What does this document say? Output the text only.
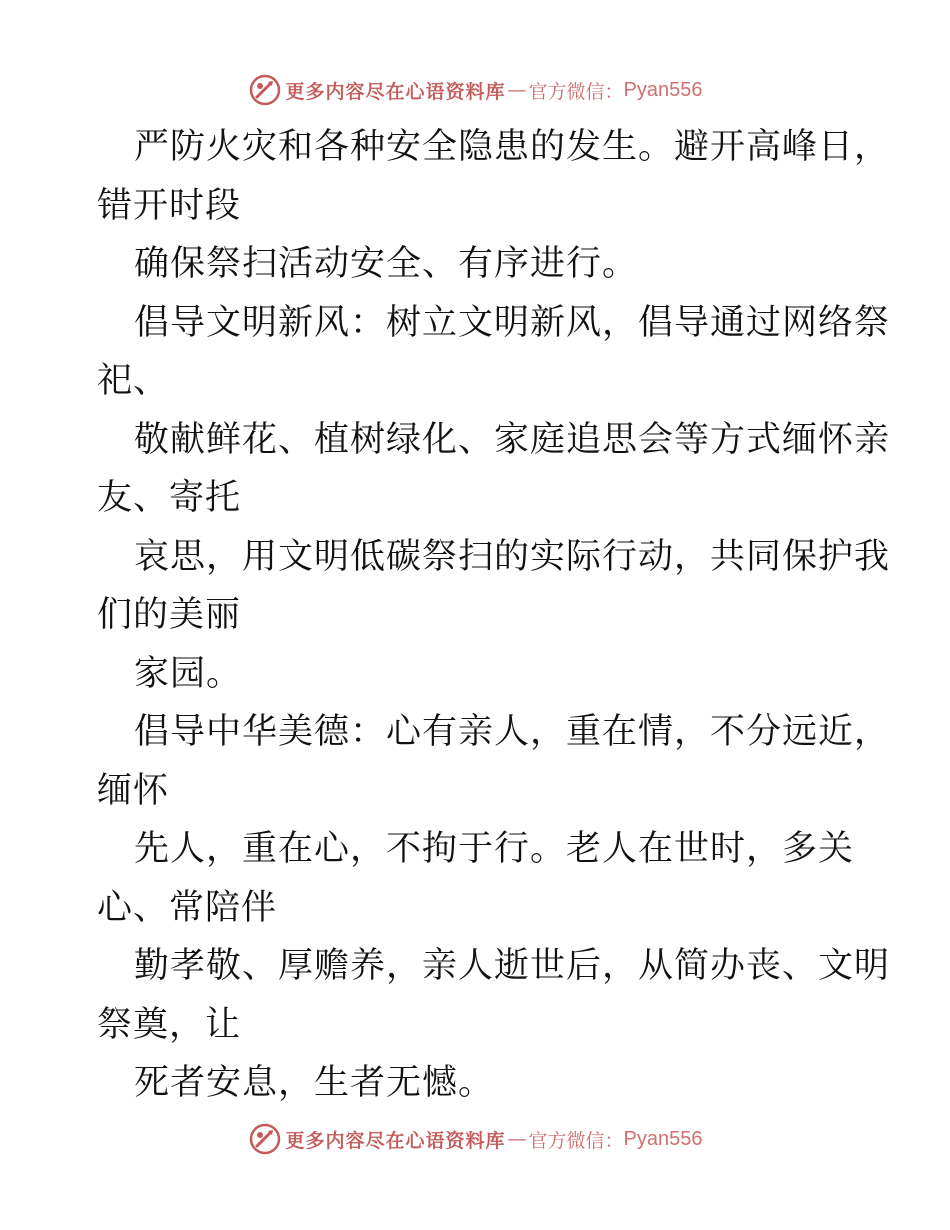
更多内容尽在心语资料库 — 官方微信： Pyan556
严防火灾和各种安全隐患的发生。避开高峰日，
错开时段
确保祭扫活动安全、有序进行。
倡导文明新风：树立文明新风，倡导通过网络祭
祀、
敬献鲜花、植树绿化、家庭追思会等方式缅怀亲
友、寄托
哀思，用文明低碳祭扫的实际行动，共同保护我
们的美丽
家园。
倡导中华美德：心有亲人，重在情，不分远近，
缅怀
先人，重在心，不拘于行。老人在世时，多关
心、常陪伴
勤孝敬、厚赡养，亲人逝世后，从简办丧、文明
祭奠，让
死者安息，生者无憾。
更多内容尽在心语资料库 — 官方微信： Pyan556
